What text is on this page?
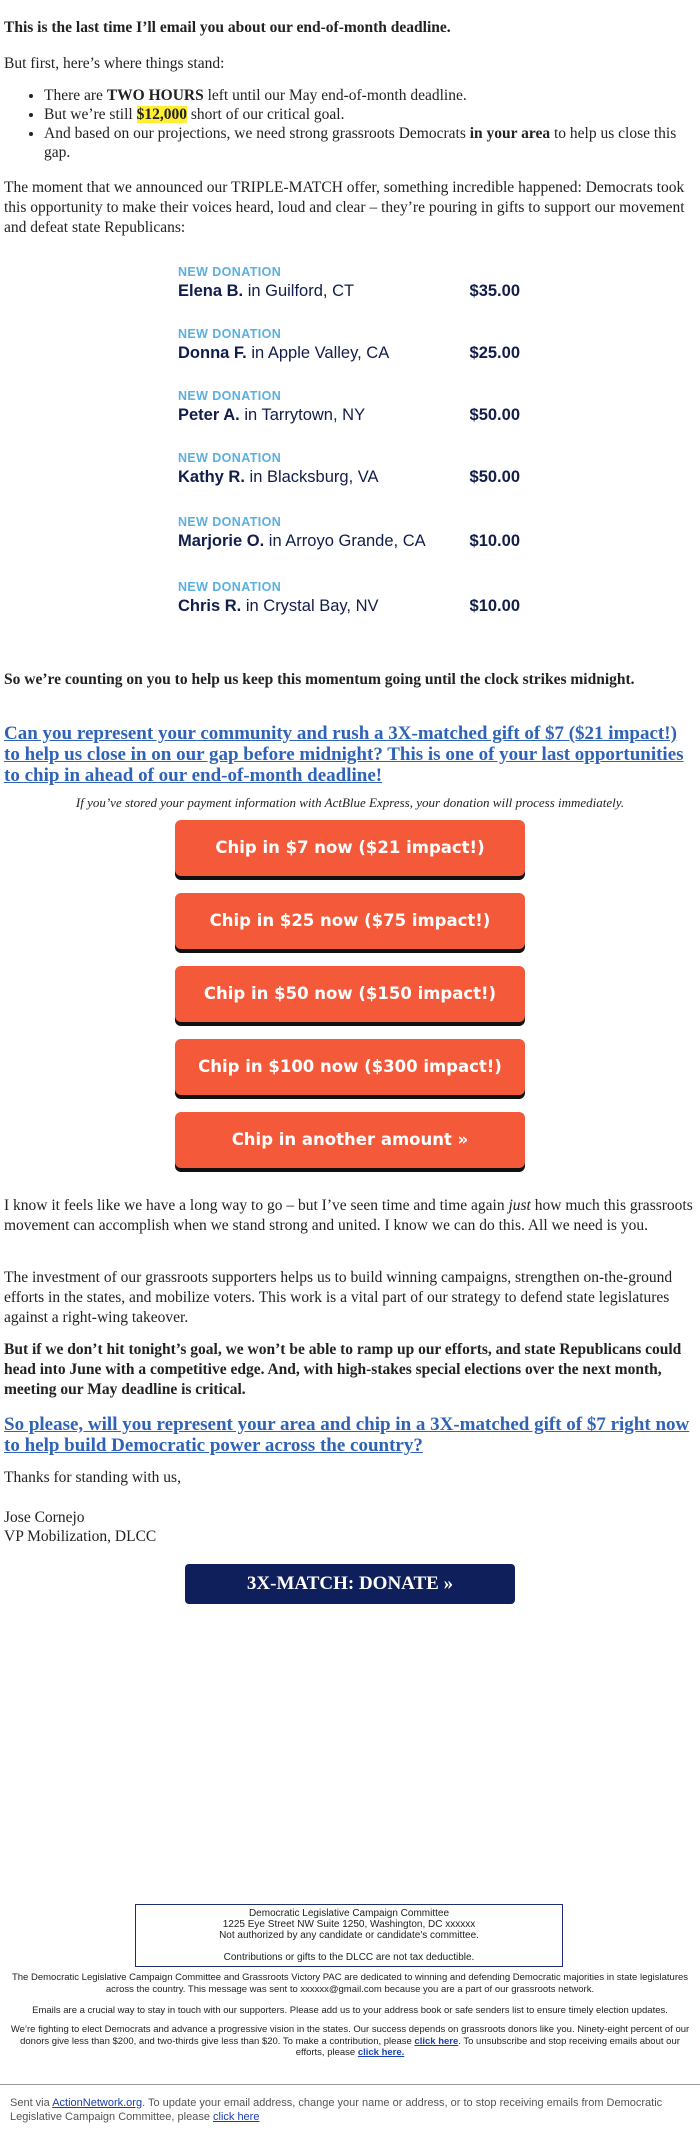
This is the last time I’ll email you about our end-of-month deadline.

But first, here’s where things stand:

• There are TWO HOURS left until our May end-of-month deadline.
• But we’re still $12,000 short of our critical goal.
• And based on our projections, we need strong grassroots Democrats in your area to help us close this gap.

The moment that we announced our TRIPLE-MATCH offer, something incredible happened: Democrats took this opportunity to make their voices heard, loud and clear – they’re pouring in gifts to support our movement and defeat state Republicans:

NEW DONATION
Elena B. in Guilford, CT	$35.00
NEW DONATION
Donna F. in Apple Valley, CA	$25.00
NEW DONATION
Peter A. in Tarrytown, NY	$50.00
NEW DONATION
Kathy R. in Blacksburg, VA	$50.00
NEW DONATION
Marjorie O. in Arroyo Grande, CA	$10.00
NEW DONATION
Chris R. in Crystal Bay, NV	$10.00

So we’re counting on you to help us keep this momentum going until the clock strikes midnight.

Can you represent your community and rush a 3X-matched gift of $7 ($21 impact!) to help us close in on our gap before midnight? This is one of your last opportunities to chip in ahead of our end-of-month deadline!
If you’ve stored your payment information with ActBlue Express, your donation will process immediately.
Chip in $7 now ($21 impact!)
Chip in $25 now ($75 impact!)
Chip in $50 now ($150 impact!)
Chip in $100 now ($300 impact!)
Chip in another amount »

I know it feels like we have a long way to go – but I’ve seen time and time again just how much this grassroots movement can accomplish when we stand strong and united. I know we can do this. All we need is you.

The investment of our grassroots supporters helps us to build winning campaigns, strengthen on-the-ground efforts in the states, and mobilize voters. This work is a vital part of our strategy to defend state legislatures against a right-wing takeover.

But if we don’t hit tonight’s goal, we won’t be able to ramp up our efforts, and state Republicans could head into June with a competitive edge. And, with high-stakes special elections over the next month, meeting our May deadline is critical.

So please, will you represent your area and chip in a 3X-matched gift of $7 right now to help build Democratic power across the country?

Thanks for standing with us,

Jose Cornejo

VP Mobilization, DLCC

3X-MATCH: DONATE »
Democratic Legislative Campaign Committee
1225 Eye Street NW Suite 1250, Washington, DC xxxxxx
Not authorized by any candidate or candidate's committee.
Contributions or gifts to the DLCC are not tax deductible.
The Democratic Legislative Campaign Committee and Grassroots Victory PAC are dedicated to winning and defending Democratic majorities in state legislatures across the country. This message was sent to xxxxxx@gmail.com because you are a part of our grassroots network.
Emails are a crucial way to stay in touch with our supporters. Please add us to your address book or safe senders list to ensure timely election updates.
We’re fighting to elect Democrats and advance a progressive vision in the states. Our success depends on grassroots donors like you. Ninety-eight percent of our donors give less than $200, and two-thirds give less than $20. To make a contribution, please click here. To unsubscribe and stop receiving emails about our efforts, please click here.
Sent via ActionNetwork.org. To update your email address, change your name or address, or to stop receiving emails from Democratic Legislative Campaign Committee, please click here
